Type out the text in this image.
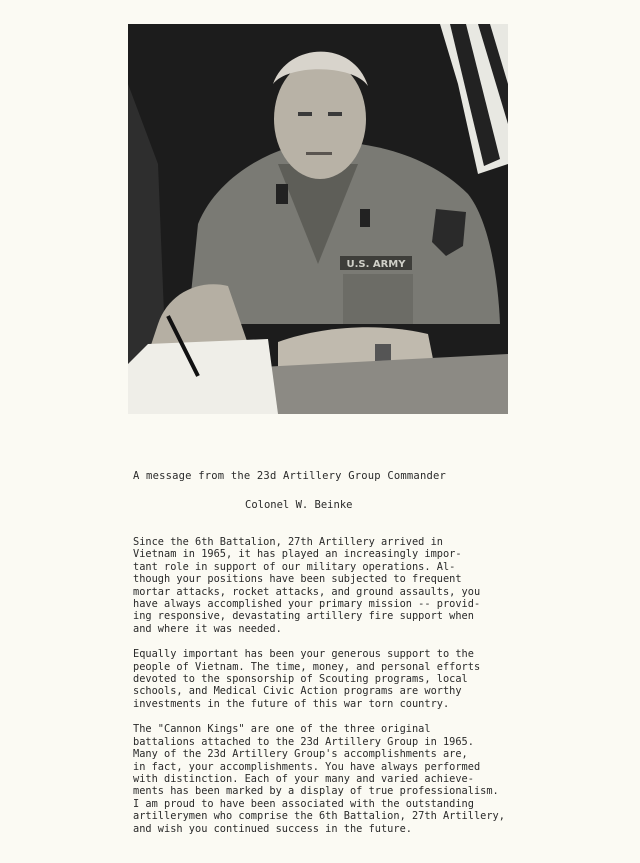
U.S. ARMY
A message from the 23d Artillery Group Commander
Colonel W. Beinke
Since the 6th Battalion, 27th Artillery arrived in
Vietnam in 1965, it has played an increasingly impor-
tant role in support of our military operations. Al-
though your positions have been subjected to frequent
mortar attacks, rocket attacks, and ground assaults, you
have always accomplished your primary mission -- provid-
ing responsive, devastating artillery fire support when
and where it was needed.
Equally important has been your generous support to the
people of Vietnam. The time, money, and personal efforts
devoted to the sponsorship of Scouting programs, local
schools, and Medical Civic Action programs are worthy
investments in the future of this war torn country.
The "Cannon Kings" are one of the three original
battalions attached to the 23d Artillery Group in 1965.
Many of the 23d Artillery Group's accomplishments are,
in fact, your accomplishments. You have always performed
with distinction. Each of your many and varied achieve-
ments has been marked by a display of true professionalism.
I am proud to have been associated with the outstanding
artillerymen who comprise the 6th Battalion, 27th Artillery,
and wish you continued success in the future.
